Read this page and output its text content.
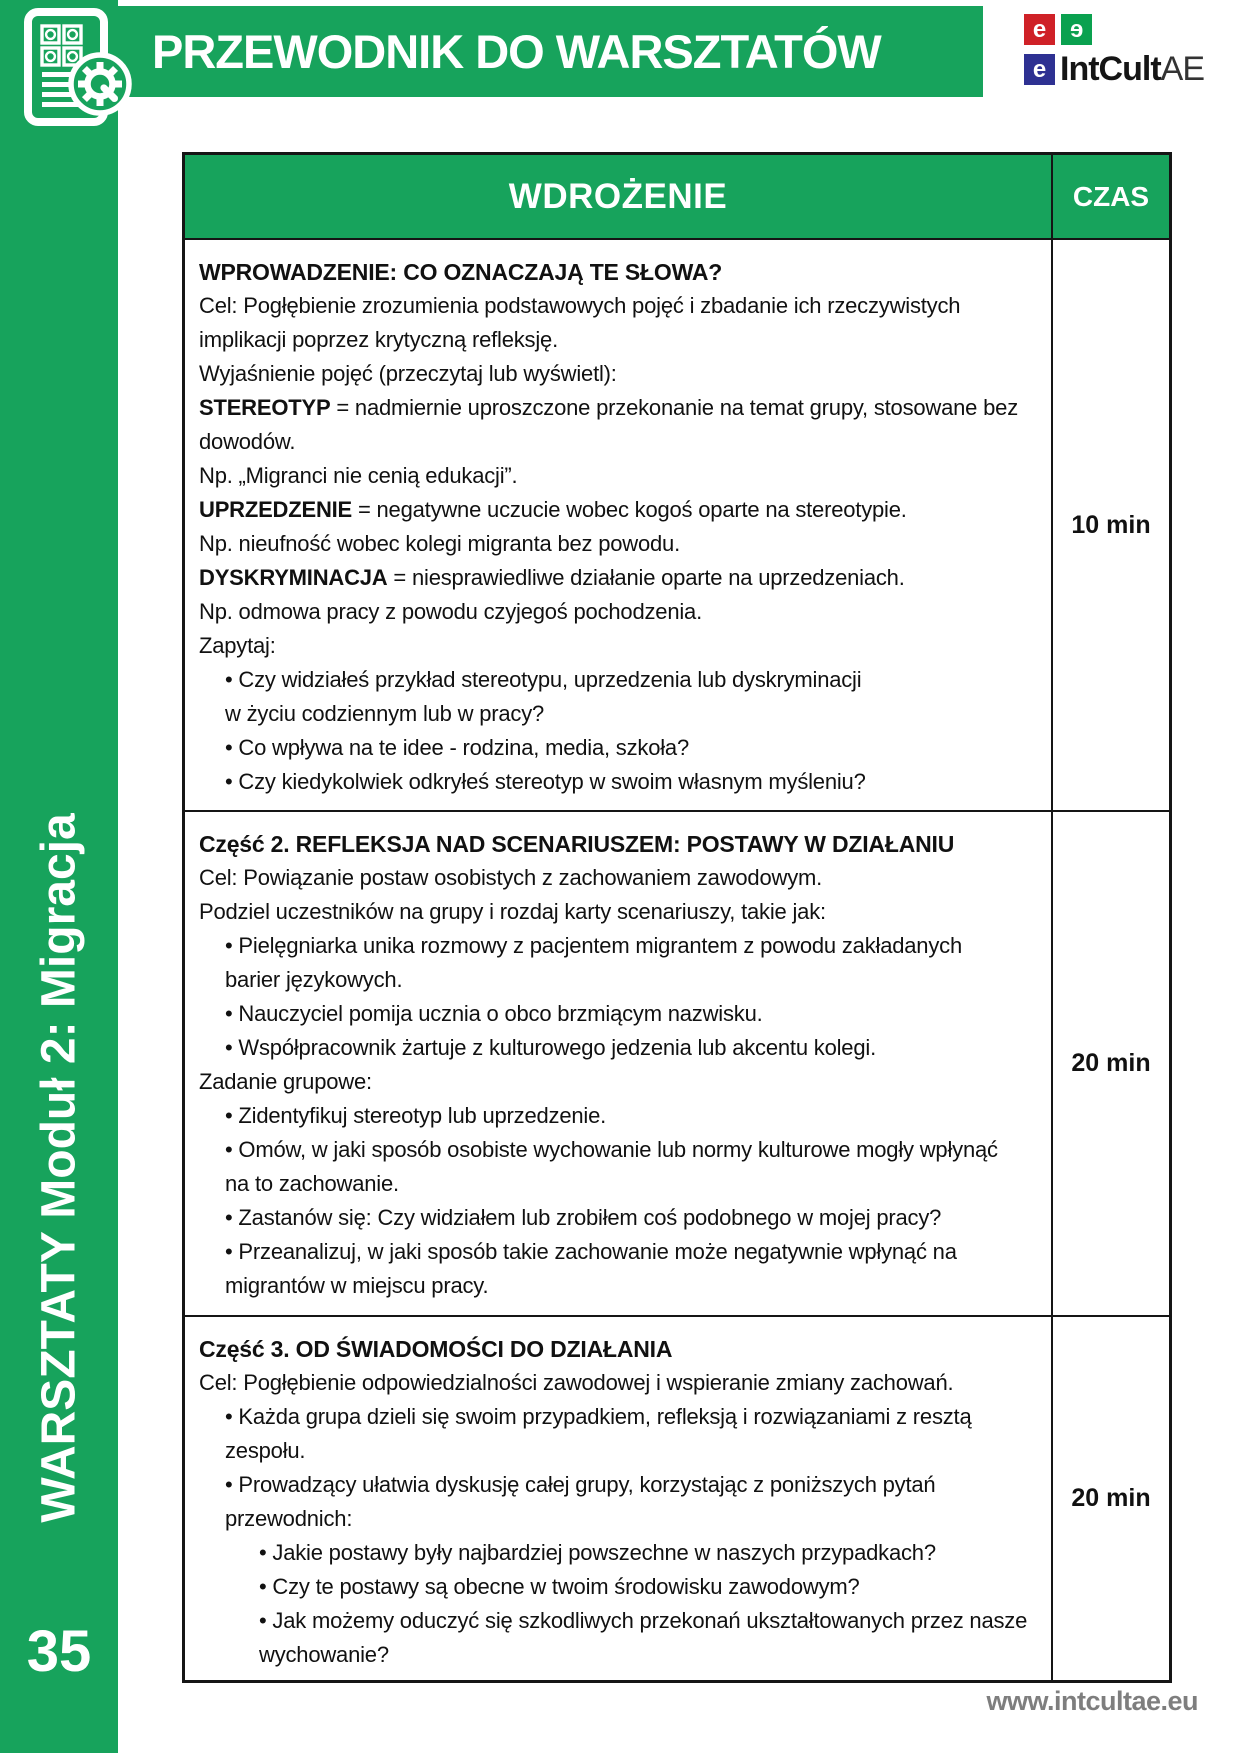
PRZEWODNIK DO WARSZTATÓW	e e
e IntCultAE
WARSZTATY Moduł 2: Migracja
35
WDROŻENIE	CZAS
WPROWADZENIE: CO OZNACZAJĄ TE SŁOWA?
Cel: Pogłębienie zrozumienia podstawowych pojęć i zbadanie ich rzeczywistych
implikacji poprzez krytyczną refleksję.
Wyjaśnienie pojęć (przeczytaj lub wyświetl):
STEREOTYP = nadmiernie uproszczone przekonanie na temat grupy, stosowane bez
dowodów.
Np. „Migranci nie cenią edukacji”.
UPRZEDZENIE = negatywne uczucie wobec kogoś oparte na stereotypie.
Np. nieufność wobec kolegi migranta bez powodu.
DYSKRYMINACJA = niesprawiedliwe działanie oparte na uprzedzeniach.
Np. odmowa pracy z powodu czyjegoś pochodzenia.
Zapytaj:
• Czy widziałeś przykład stereotypu, uprzedzenia lub dyskryminacji
w życiu codziennym lub w pracy?
• Co wpływa na te idee - rodzina, media, szkoła?
• Czy kiedykolwiek odkryłeś stereotyp w swoim własnym myśleniu?
10 min
Część 2. REFLEKSJA NAD SCENARIUSZEM: POSTAWY W DZIAŁANIU
Cel: Powiązanie postaw osobistych z zachowaniem zawodowym.
Podziel uczestników na grupy i rozdaj karty scenariuszy, takie jak:
• Pielęgniarka unika rozmowy z pacjentem migrantem z powodu zakładanych
barier językowych.
• Nauczyciel pomija ucznia o obco brzmiącym nazwisku.
• Współpracownik żartuje z kulturowego jedzenia lub akcentu kolegi.
Zadanie grupowe:
• Zidentyfikuj stereotyp lub uprzedzenie.
• Omów, w jaki sposób osobiste wychowanie lub normy kulturowe mogły wpłynąć
na to zachowanie.
• Zastanów się: Czy widziałem lub zrobiłem coś podobnego w mojej pracy?
• Przeanalizuj, w jaki sposób takie zachowanie może negatywnie wpłynąć na
migrantów w miejscu pracy.
20 min
Część 3. OD ŚWIADOMOŚCI DO DZIAŁANIA
Cel: Pogłębienie odpowiedzialności zawodowej i wspieranie zmiany zachowań.
• Każda grupa dzieli się swoim przypadkiem, refleksją i rozwiązaniami z resztą
zespołu.
• Prowadzący ułatwia dyskusję całej grupy, korzystając z poniższych pytań
przewodnich:
• Jakie postawy były najbardziej powszechne w naszych przypadkach?
• Czy te postawy są obecne w twoim środowisku zawodowym?
• Jak możemy oduczyć się szkodliwych przekonań ukształtowanych przez nasze
wychowanie?
20 min
www.intcultae.eu
